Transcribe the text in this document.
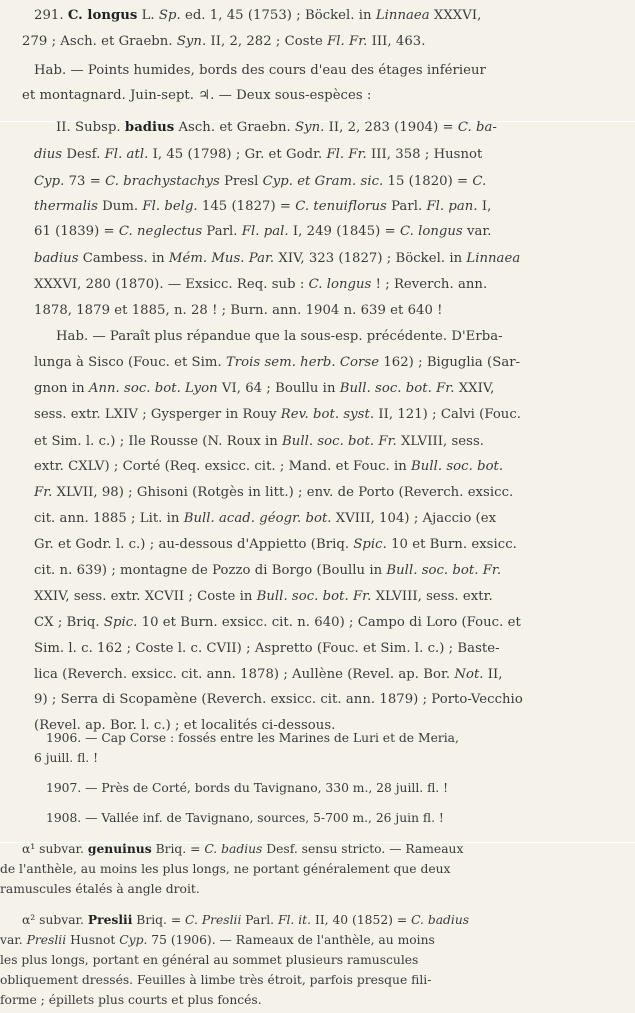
291. C. longus L. Sp. ed. 1, 45 (1753) ; Böckel. in Linnaea XXXVI,
279 ; Asch. et Graebn. Syn. II, 2, 282 ; Coste Fl. Fr. III, 463.
Hab. — Points humides, bords des cours d'eau des étages inférieur
et montagnard. Juin-sept. ♃. — Deux sous-espèces :
II. Subsp. badius Asch. et Graebn. Syn. II, 2, 283 (1904) = C. ba-
dius Desf. Fl. atl. I, 45 (1798) ; Gr. et Godr. Fl. Fr. III, 358 ; Husnot
Cyp. 73 = C. brachystachys Presl Cyp. et Gram. sic. 15 (1820) = C.
thermalis Dum. Fl. belg. 145 (1827) = C. tenuiflorus Parl. Fl. pan. I,
61 (1839) = C. neglectus Parl. Fl. pal. I, 249 (1845) = C. longus var.
badius Cambess. in Mém. Mus. Par. XIV, 323 (1827) ; Böckel. in Linnaea
XXXVI, 280 (1870). — Exsicc. Req. sub : C. longus ! ; Reverch. ann.
1878, 1879 et 1885, n. 28 ! ; Burn. ann. 1904 n. 639 et 640 !
Hab. — Paraît plus répandue que la sous-esp. précédente. D'Erba-
lunga à Sisco (Fouc. et Sim. Trois sem. herb. Corse 162) ; Biguglia (Sar-
gnon in Ann. soc. bot. Lyon VI, 64 ; Boullu in Bull. soc. bot. Fr. XXIV,
sess. extr. LXIV ; Gysperger in Rouy Rev. bot. syst. II, 121) ; Calvi (Fouc.
et Sim. l. c.) ; Ile Rousse (N. Roux in Bull. soc. bot. Fr. XLVIII, sess.
extr. CXLV) ; Corté (Req. exsicc. cit. ; Mand. et Fouc. in Bull. soc. bot.
Fr. XLVII, 98) ; Ghisoni (Rotgès in litt.) ; env. de Porto (Reverch. exsicc.
cit. ann. 1885 ; Lit. in Bull. acad. géogr. bot. XVIII, 104) ; Ajaccio (ex
Gr. et Godr. l. c.) ; au-dessous d'Appietto (Briq. Spic. 10 et Burn. exsicc.
cit. n. 639) ; montagne de Pozzo di Borgo (Boullu in Bull. soc. bot. Fr.
XXIV, sess. extr. XCVII ; Coste in Bull. soc. bot. Fr. XLVIII, sess. extr.
CX ; Briq. Spic. 10 et Burn. exsicc. cit. n. 640) ; Campo di Loro (Fouc. et
Sim. l. c. 162 ; Coste l. c. CVII) ; Aspretto (Fouc. et Sim. l. c.) ; Baste-
lica (Reverch. exsicc. cit. ann. 1878) ; Aullène (Revel. ap. Bor. Not. II,
9) ; Serra di Scopamène (Reverch. exsicc. cit. ann. 1879) ; Porto-Vecchio
(Revel. ap. Bor. l. c.) ; et localités ci-dessous.
1906. — Cap Corse : fossés entre les Marines de Luri et de Meria,
6 juill. fl. !
1907. — Près de Corté, bords du Tavignano, 330 m., 28 juill. fl. !
1908. — Vallée inf. de Tavignano, sources, 5-700 m., 26 juin fl. !
α¹ subvar. genuinus Briq. = C. badius Desf. sensu stricto. — Rameaux
de l'anthèle, au moins les plus longs, ne portant généralement que deux
ramuscules étalés à angle droit.
α² subvar. Preslii Briq. = C. Preslii Parl. Fl. it. II, 40 (1852) = C. badius
var. Preslii Husnot Cyp. 75 (1906). — Rameaux de l'anthèle, au moins
les plus longs, portant en général au sommet plusieurs ramuscules
obliquement dressés. Feuilles à limbe très étroit, parfois presque fili-
forme ; épillets plus courts et plus foncés.
